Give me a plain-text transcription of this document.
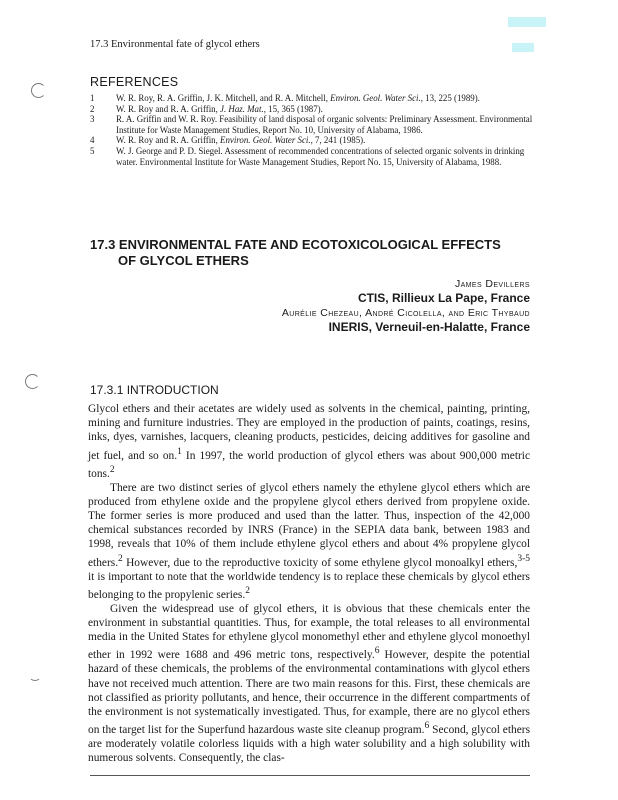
17.3 Environmental fate of glycol ethers
REFERENCES
1 W. R. Roy, R. A. Griffin, J. K. Mitchell, and R. A. Mitchell, Environ. Geol. Water Sci., 13, 225 (1989).
2 W. R. Roy and R. A. Griffin, J. Haz. Mat., 15, 365 (1987).
3 R. A. Griffin and W. R. Roy. Feasibility of land disposal of organic solvents: Preliminary Assessment. Environmental Institute for Waste Management Studies, Report No. 10, University of Alabama, 1986.
4 W. R. Roy and R. A. Griffin, Environ. Geol. Water Sci., 7, 241 (1985).
5 W. J. George and P. D. Siegel. Assessment of recommended concentrations of selected organic solvents in drinking water. Environmental Institute for Waste Management Studies, Report No. 15, University of Alabama, 1988.
17.3 ENVIRONMENTAL FATE AND ECOTOXICOLOGICAL EFFECTS
OF GLYCOL ETHERS
James Devillers
CTIS, Rillieux La Pape, France
Aurélie Chezeau, André Cicolella, and Eric Thybaud
INERIS, Verneuil-en-Halatte, France
17.3.1 INTRODUCTION

Glycol ethers and their acetates are widely used as solvents in the chemical, painting, printing, mining and furniture industries. They are employed in the production of paints, coatings, resins, inks, dyes, varnishes, lacquers, cleaning products, pesticides, deicing additives for gasoline and jet fuel, and so on.$^1$ In 1997, the world production of glycol ethers was about 900,000 metric tons.$^2$

There are two distinct series of glycol ethers namely the ethylene glycol ethers which are produced from ethylene oxide and the propylene glycol ethers derived from propylene oxide. The former series is more produced and used than the latter. Thus, inspection of the 42,000 chemical substances recorded by INRS (France) in the SEPIA data bank, between 1983 and 1998, reveals that 10% of them include ethylene glycol ethers and about 4% propylene glycol ethers.$^2$ However, due to the reproductive toxicity of some ethylene glycol monoalkyl ethers,$^{3-5}$ it is important to note that the worldwide tendency is to replace these chemicals by glycol ethers belonging to the propylenic series.$^2$

Given the widespread use of glycol ethers, it is obvious that these chemicals enter the environment in substantial quantities. Thus, for example, the total releases to all environmental media in the United States for ethylene glycol monomethyl ether and ethylene glycol monoethyl ether in 1992 were 1688 and 496 metric tons, respectively.$^6$ However, despite the potential hazard of these chemicals, the problems of the environmental contaminations with glycol ethers have not received much attention. There are two main reasons for this. First, these chemicals are not classified as priority pollutants, and hence, their occurrence in the different compartments of the environment is not systematically investigated. Thus, for example, there are no glycol ethers on the target list for the Superfund hazardous waste site cleanup program.$^6$ Second, glycol ethers are moderately volatile colorless liquids with a high water solubility and a high solubility with numerous solvents. Consequently, the clas-
